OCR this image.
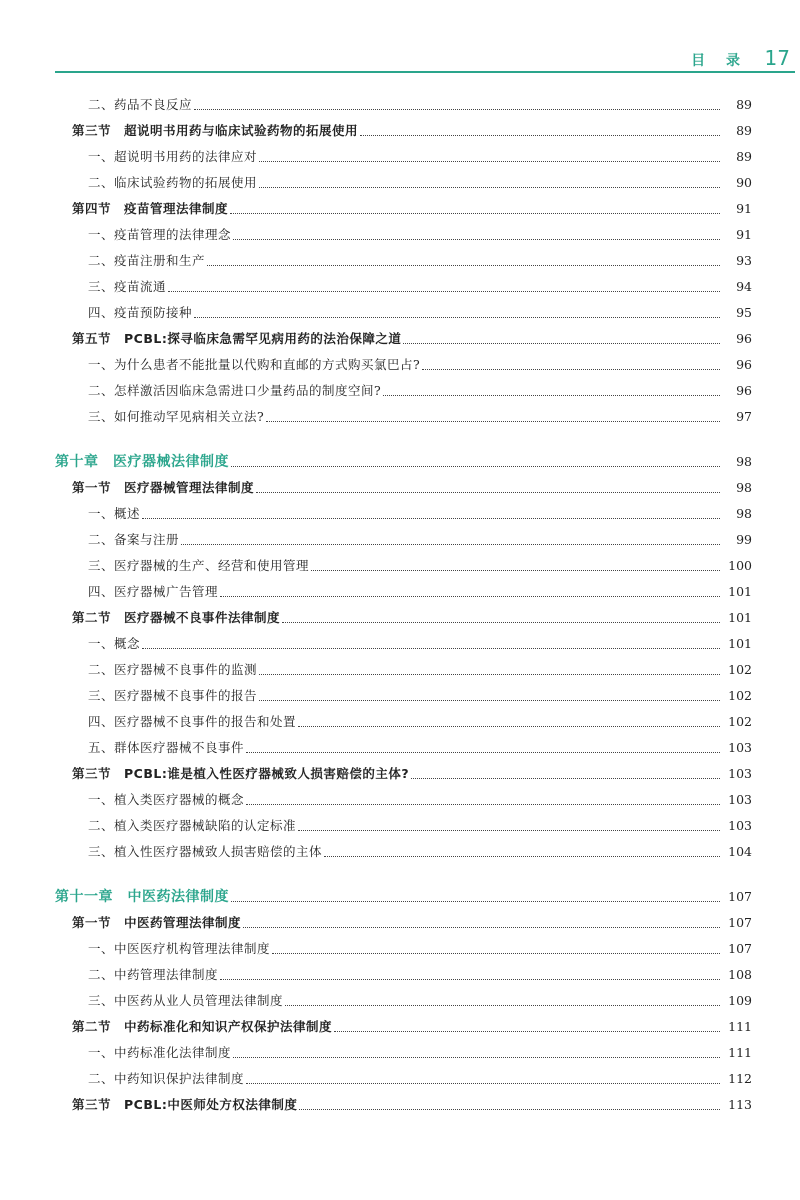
目 录 17
二、药品不良反应	89
第三节　超说明书用药与临床试验药物的拓展使用	89
一、超说明书用药的法律应对	89
二、临床试验药物的拓展使用	90
第四节　疫苗管理法律制度	91
一、疫苗管理的法律理念	91
二、疫苗注册和生产	93
三、疫苗流通	94
四、疫苗预防接种	95
第五节　PCBL:探寻临床急需罕见病用药的法治保障之道	96
一、为什么患者不能批量以代购和直邮的方式购买氯巴占?	96
二、怎样激活因临床急需进口少量药品的制度空间?	96
三、如何推动罕见病相关立法?	97
第十章　医疗器械法律制度	98
第一节　医疗器械管理法律制度	98
一、概述	98
二、备案与注册	99
三、医疗器械的生产、经营和使用管理	100
四、医疗器械广告管理	101
第二节　医疗器械不良事件法律制度	101
一、概念	101
二、医疗器械不良事件的监测	102
三、医疗器械不良事件的报告	102
四、医疗器械不良事件的报告和处置	102
五、群体医疗器械不良事件	103
第三节　PCBL:谁是植入性医疗器械致人损害赔偿的主体?	103
一、植入类医疗器械的概念	103
二、植入类医疗器械缺陷的认定标准	103
三、植入性医疗器械致人损害赔偿的主体	104
第十一章　中医药法律制度	107
第一节　中医药管理法律制度	107
一、中医医疗机构管理法律制度	107
二、中药管理法律制度	108
三、中医药从业人员管理法律制度	109
第二节　中药标准化和知识产权保护法律制度	111
一、中药标准化法律制度	111
二、中药知识保护法律制度	112
第三节　PCBL:中医师处方权法律制度	113
